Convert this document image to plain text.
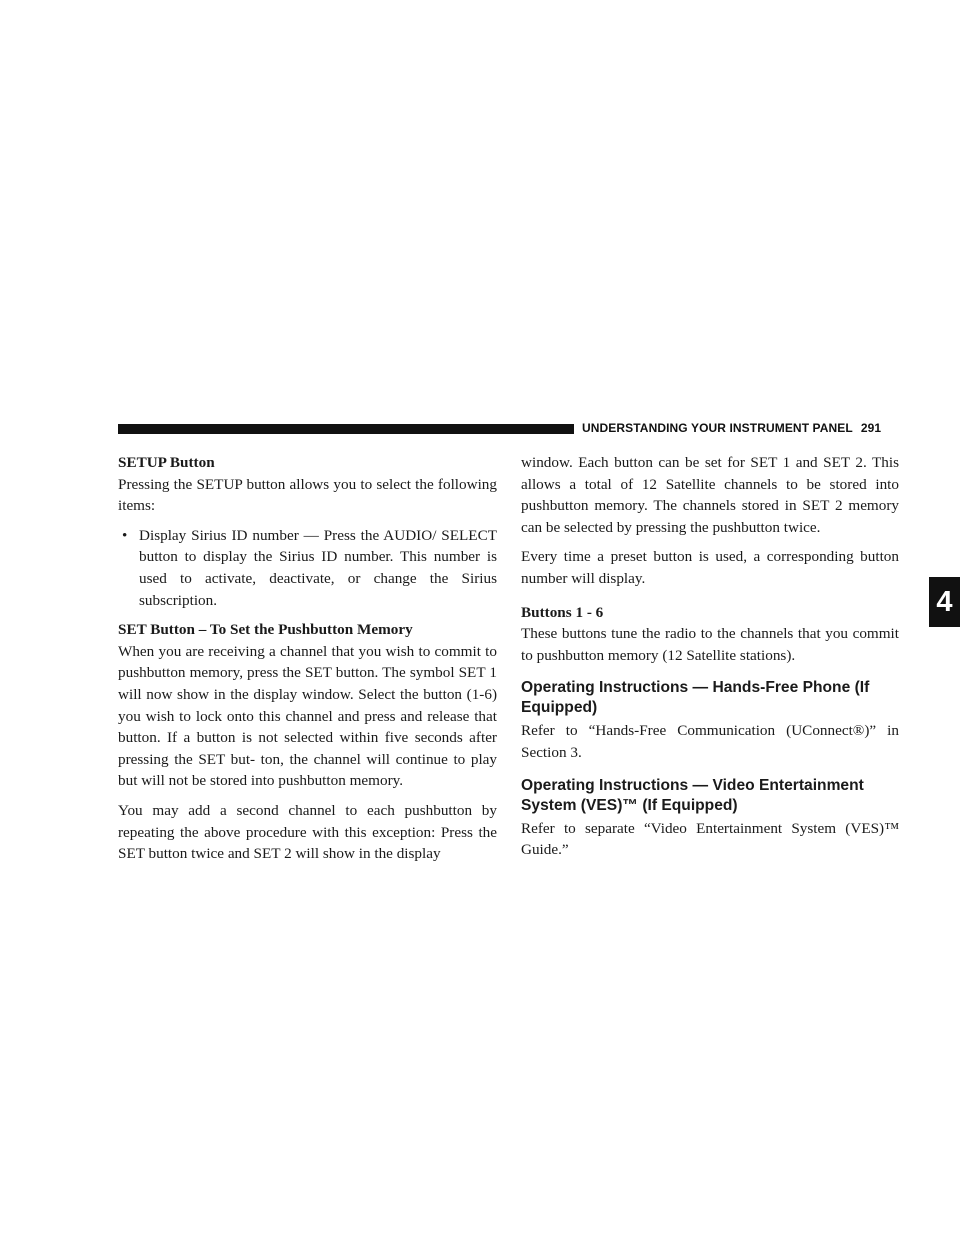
UNDERSTANDING YOUR INSTRUMENT PANEL 291
4
SETUP Button

Pressing the SETUP button allows you to select the following items:

• Display Sirius ID number — Press the AUDIO/ SELECT button to display the Sirius ID number. This number is used to activate, deactivate, or change the Sirius subscription.
SET Button – To Set the Pushbutton Memory

When you are receiving a channel that you wish to commit to pushbutton memory, press the SET button. The symbol SET 1 will now show in the display window. Select the button (1-6) you wish to lock onto this channel and press and release that button. If a button is not selected within five seconds after pressing the SET but- ton, the channel will continue to play but will not be stored into pushbutton memory.

You may add a second channel to each pushbutton by repeating the above procedure with this exception: Press the SET button twice and SET 2 will show in the display

window. Each button can be set for SET 1 and SET 2. This allows a total of 12 Satellite channels to be stored into pushbutton memory. The channels stored in SET 2 memory can be selected by pressing the pushbutton twice.

Every time a preset button is used, a corresponding button number will display.

Buttons 1 - 6

These buttons tune the radio to the channels that you commit to pushbutton memory (12 Satellite stations).

Operating Instructions — Hands-Free Phone (If Equipped)

Refer to “Hands-Free Communication (UConnect®)” in Section 3.

Operating Instructions — Video Entertainment System (VES)™ (If Equipped)

Refer to separate “Video Entertainment System (VES)™ Guide.”
